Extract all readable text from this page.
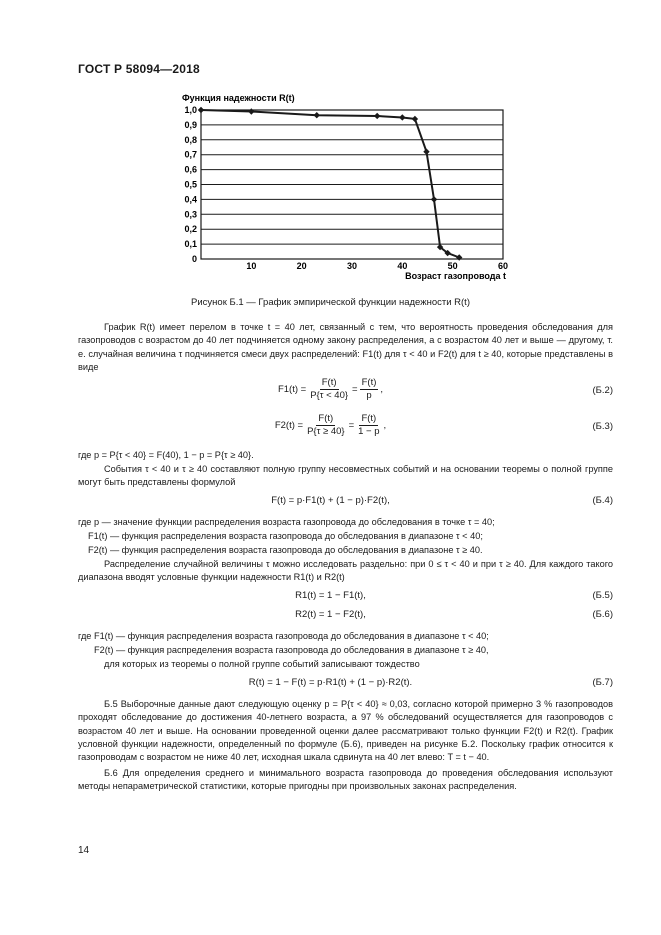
ГОСТ Р 58094—2018
Функция надежности R(t)
Возраст газопровода t
0
0,1
0,2
0,3
0,4
0,5
0,6
0,7
0,8
0,9
1,0
10	20	30	40	50	60
Рисунок Б.1 — График эмпирической функции надежности R(t)
График R(t) имеет перелом в точке t = 40 лет, связанный с тем, что вероятность проведения обследования для газопроводов с возрастом до 40 лет подчиняется одному закону распределения, а с возрастом 40 лет и выше — другому, т. е. случайная величина τ подчиняется смеси двух распределений: F1(t) для τ < 40 и F2(t) для t ≥ 40, которые представлены в виде
$F1(t) = \frac{F(t)}{P\{\tau < 40\}} = \frac{F(t)}{p}$ ,	(Б.2)
$F2(t) = \frac{F(t)}{P\{\tau \ge 40\}} = \frac{F(t)}{1 - p}$ ,	(Б.3)
где p = P{τ < 40} = F(40), 1 − p = P{τ ≥ 40}.
События τ < 40 и τ ≥ 40 составляют полную группу несовместных событий и на основании теоремы о полной группе могут быть представлены формулой
F(t) = p·F1(t) + (1 − p)·F2(t),	(Б.4)
где p — значение функции распределения возраста газопровода до обследования в точке τ = 40;
F1(t) — функция распределения возраста газопровода до обследования в диапазоне τ < 40;
F2(t) — функция распределения возраста газопровода до обследования в диапазоне τ ≥ 40.
Распределение случайной величины τ можно исследовать раздельно: при 0 ≤ τ < 40 и при τ ≥ 40. Для каждого такого диапазона вводят условные функции надежности R1(t) и R2(t)
R1(t) = 1 − F1(t),	(Б.5)
R2(t) = 1 − F2(t),	(Б.6)
где F1(t) — функция распределения возраста газопровода до обследования в диапазоне τ < 40;
F2(t) — функция распределения возраста газопровода до обследования в диапазоне τ ≥ 40,
для которых из теоремы о полной группе событий записывают тождество
R(t) = 1 − F(t) = p·R1(t) + (1 − p)·R2(t).	(Б.7)
Б.5 Выборочные данные дают следующую оценку p = P{τ < 40} ≈ 0,03, согласно которой примерно 3 % газопроводов проходят обследование до достижения 40-летнего возраста, а 97 % обследований осуществляется для газопроводов с возрастом 40 лет и выше. На основании проведенной оценки далее рассматривают только функции F2(t) и R2(t). График условной функции надежности, определенный по формуле (Б.6), приведен на рисунке Б.2. Поскольку график относится к газопроводам с возрастом не ниже 40 лет, исходная шкала сдвинута на 40 лет влево: T = t − 40.
Б.6 Для определения среднего и минимального возраста газопровода до проведения обследования используют методы непараметрической статистики, которые пригодны при произвольных законах распределения.
14
